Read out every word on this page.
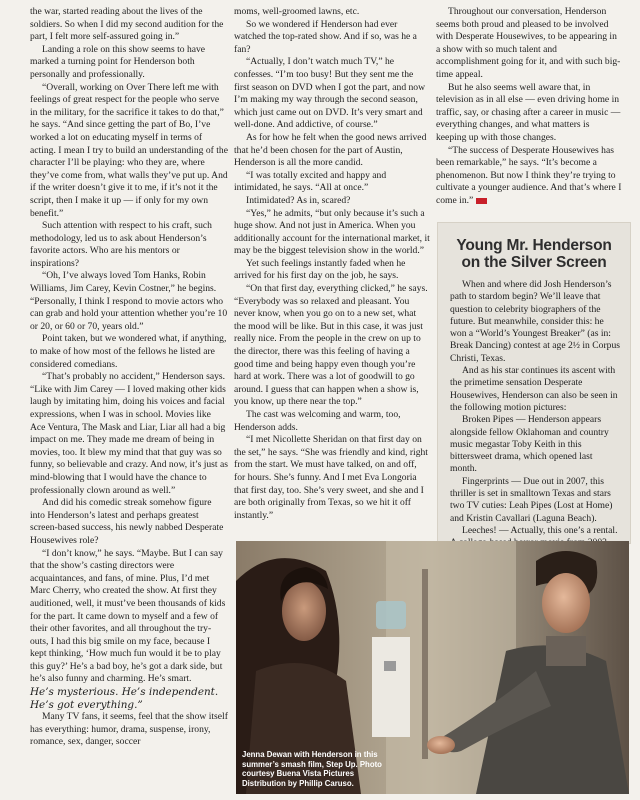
the war, started reading about the lives of the soldiers. So when I did my second audition for the part, I felt more self-assured going in.”

Landing a role on this show seems to have marked a turning point for Henderson both personally and professionally.

“Overall, working on Over There left me with feelings of great respect for the people who serve in the military, for the sacrifice it takes to do that,” he says. “And since getting the part of Bo, I’ve worked a lot on educating myself in terms of acting. I mean I try to build an understanding of the character I’ll be playing: who they are, where they’ve come from, what walls they’ve put up. And if the writer doesn’t give it to me, if it’s not it the script, then I make it up — if only for my own benefit.”

Such attention with respect to his craft, such methodology, led us to ask about Henderson’s favorite actors. Who are his mentors or inspirations?

“Oh, I’ve always loved Tom Hanks, Robin Williams, Jim Carey, Kevin Costner,” he begins. “Personally, I think I respond to movie actors who can grab and hold your attention whether you’re 10 or 20, or 60 or 70, years old.”

Point taken, but we wondered what, if anything, to make of how most of the fellows he listed are considered comedians.

“That’s probably no accident,” Henderson says. “Like with Jim Carey — I loved making other kids laugh by imitating him, doing his voices and facial expressions, when I was in school. Movies like Ace Ventura, The Mask and Liar, Liar all had a big impact on me. They made me dream of being in movies, too. It blew my mind that that guy was so funny, so believable and crazy. And now, it’s just as mind-blowing that I would have the chance to professionally clown around as well.”

And did his comedic streak somehow figure into Henderson’s latest and perhaps greatest screen-based success, his newly nabbed Desperate Housewives role?

“I don’t know,” he says. “Maybe. But I can say that the show’s casting directors were acquaintances, and fans, of mine. Plus, I’d met Marc Cherry, who created the show. At first they auditioned, well, it must’ve been thousands of kids for the part. It came down to myself and a few of their other favorites, and all throughout the try-outs, I had this big smile on my face, because I kept thinking, ‘How much fun would it be to play this guy?’ He’s a bad boy, he’s got a dark side, but he’s also funny and charming. He’s smart.

He’s mysterious. He’s independent. He’s got everything.”

Many TV fans, it seems, feel that the show itself has everything: humor, drama, suspense, irony, romance, sex, danger, soccer

moms, well-groomed lawns, etc.

So we wondered if Henderson had ever watched the top-rated show. And if so, was he a fan?

“Actually, I don’t watch much TV,” he confesses. “I’m too busy! But they sent me the first season on DVD when I got the part, and now I’m making my way through the second season, which just came out on DVD. It’s very smart and well-done. And addictive, of course.”

As for how he felt when the good news arrived that he’d been chosen for the part of Austin, Henderson is all the more candid.

“I was totally excited and happy and intimidated, he says. “All at once.”

Intimidated? As in, scared?

“Yes,” he admits, “but only because it’s such a huge show. And not just in America. When you additionally account for the international market, it may be the biggest television show in the world.”

Yet such feelings instantly faded when he arrived for his first day on the job, he says.

“On that first day, everything clicked,” he says. “Everybody was so relaxed and pleasant. You never know, when you go on to a new set, what the mood will be like. But in this case, it was just really nice. From the people in the crew on up to the director, there was this feeling of having a good time and being happy even though you’re hard at work. There was a lot of goodwill to go around. I guess that can happen when a show is, you know, up there near the top.”

The cast was welcoming and warm, too, Henderson adds.

“I met Nicollette Sheridan on that first day on the set,” he says. “She was friendly and kind, right from the start. We must have talked, on and off, for hours. She’s funny. And I met Eva Longoria that first day, too. She’s very sweet, and she and I are both originally from Texas, so we hit it off instantly.”

Throughout our conversation, Henderson seems both proud and pleased to be involved with Desperate Housewives, to be appearing in a show with so much talent and accomplishment going for it, and with such big-time appeal.

But he also seems well aware that, in television as in all else — even driving home in traffic, say, or chasing after a career in music — everything changes, and what matters is keeping up with those changes.

“The success of Desperate Housewives has been remarkable,” he says. “It’s become a phenomenon. But now I think they’re trying to cultivate a younger audience. And that’s where I come in.”

Young Mr. Henderson on the Silver Screen

When and where did Josh Henderson’s path to stardom begin? We’ll leave that question to celebrity biographers of the future. But meanwhile, consider this: he won a “World’s Youngest Breaker” (as in: Break Dancing) contest at age 2½ in Corpus Christi, Texas.

And as his star continues its ascent with the primetime sensation Desperate Housewives, Henderson can also be seen in the following motion pictures:

Broken Pipes — Henderson appears alongside fellow Oklahoman and country music megastar Toby Keith in this bittersweet drama, which opened last month.

Fingerprints — Due out in 2007, this thriller is set in smalltown Texas and stars two TV cuties: Leah Pipes (Lost at Home) and Kristin Cavallari (Laguna Beach).

Leeches! — Actually, this one’s a rental.

Jenna Dewan with Henderson in this summer’s smash film, Step Up. Photo courtesy Buena Vista Pictures Distribution by Phillip Caruso.
